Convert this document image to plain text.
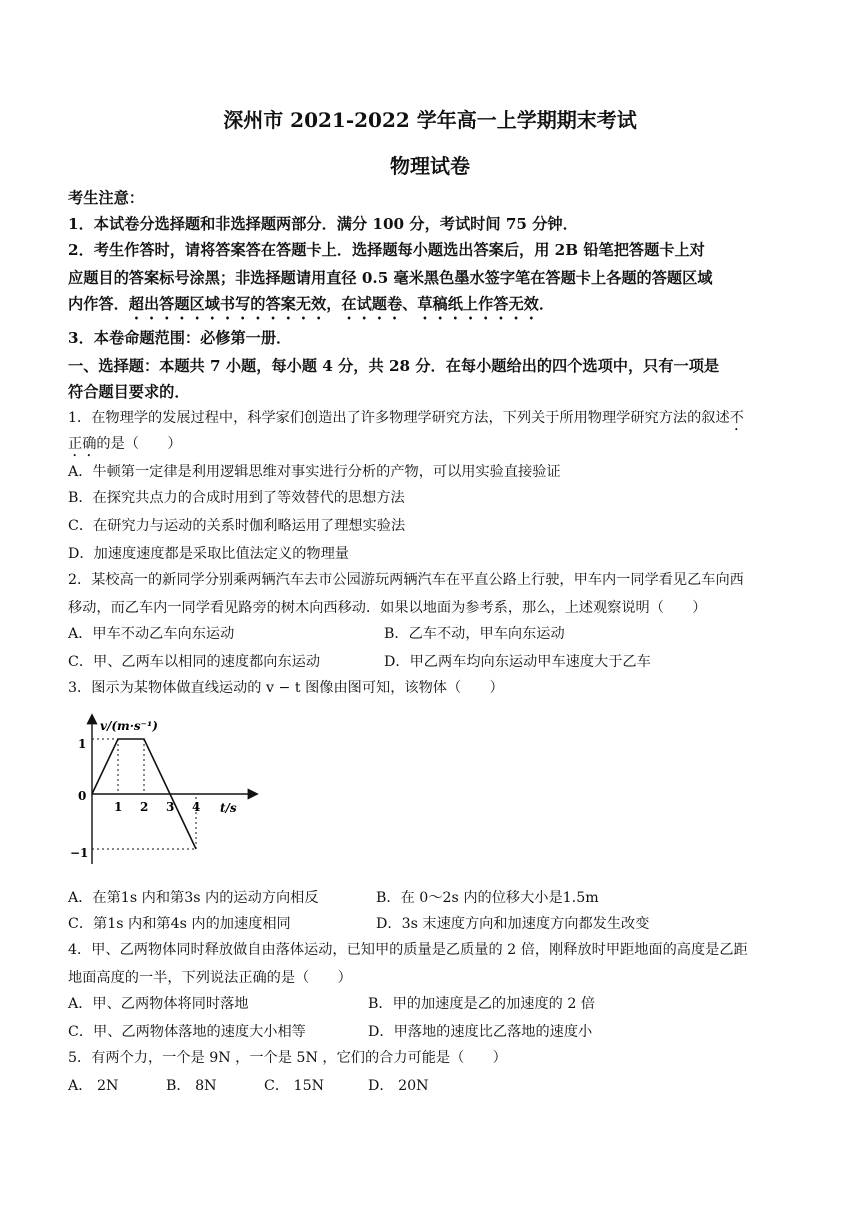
深州市 2021-2022 学年高一上学期期末考试
物理试卷
考生注意：
1．本试卷分选择题和非选择题两部分．满分 100 分，考试时间 75 分钟．
2．考生作答时，请将答案答在答题卡上．选择题每小题选出答案后，用 2B 铅笔把答题卡上对
应题目的答案标号涂黑；非选择题请用直径 0.5 毫米黑色墨水签字笔在答题卡上各题的答题区域
内作答．超出答题区域书写的答案无效，在试题卷、草稿纸上作答无效．
3．本卷命题范围：必修第一册．
一、选择题：本题共 7 小题，每小题 4 分，共 28 分．在每小题给出的四个选项中，只有一项是
符合题目要求的．
1．在物理学的发展过程中，科学家们创造出了许多物理学研究方法，下列关于所用物理学研究方法的叙述不
正确的是（　　）
A．牛顿第一定律是利用逻辑思维对事实进行分析的产物，可以用实验直接验证
B．在探究共点力的合成时用到了等效替代的思想方法
C．在研究力与运动的关系时伽利略运用了理想实验法
D．加速度速度都是采取比值法定义的物理量
2．某校高一的新同学分别乘两辆汽车去市公园游玩两辆汽车在平直公路上行驶，甲车内一同学看见乙车向西
移动，而乙车内一同学看见路旁的树木向西移动．如果以地面为参考系，那么，上述观察说明（　　）
A．甲车不动乙车向东运动	B．乙车不动，甲车向东运动
C．甲、乙两车以相同的速度都向东运动	D．甲乙两车均向东运动甲车速度大于乙车
3．图示为某物体做直线运动的 v − t 图像由图可知，该物体（　　）
v/(m·s⁻¹)
t/s
1
0
−1
1 2 3 4
A．在第1s 内和第3s 内的运动方向相反	B．在 0～2s 内的位移大小是1.5m
C．第1s 内和第4s 内的加速度相同	D．3s 末速度方向和加速度方向都发生改变
4．甲、乙两物体同时释放做自由落体运动，已知甲的质量是乙质量的 2 倍，刚释放时甲距地面的高度是乙距
地面高度的一半，下列说法正确的是（　　）
A．甲、乙两物体将同时落地	B．甲的加速度是乙的加速度的 2 倍
C．甲、乙两物体落地的速度大小相等	D．甲落地的速度比乙落地的速度小
5．有两个力，一个是 9N ，一个是 5N ，它们的合力可能是（　　）
A． 2N	B． 8N	C． 15N	D． 20N
